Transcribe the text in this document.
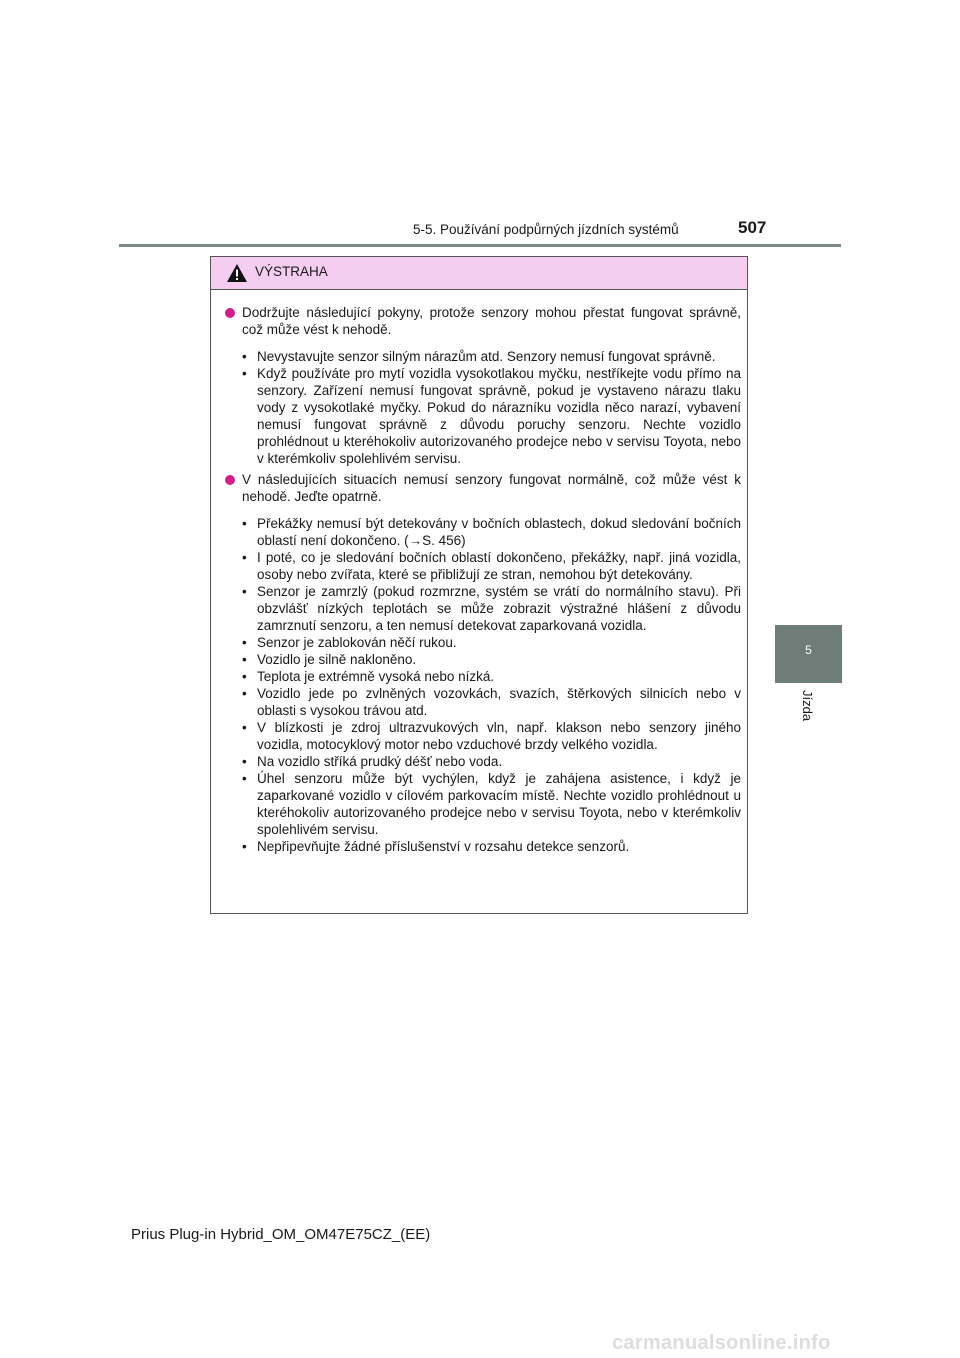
5-5. Používání podpůrných jízdních systémů	507
5
Jízda
VÝSTRAHA
Dodržujte následující pokyny, protože senzory mohou přestat fungovat správně, což může vést k nehodě.
• Nevystavujte senzor silným nárazům atd. Senzory nemusí fungovat správně.
• Když používáte pro mytí vozidla vysokotlakou myčku, nestříkejte vodu přímo na senzory. Zařízení nemusí fungovat správně, pokud je vystaveno nárazu tlaku vody z vysokotlaké myčky. Pokud do nárazníku vozidla něco narazí, vybavení nemusí fungovat správně z důvodu poruchy senzoru. Nechte vozidlo prohlédnout u kteréhokoliv autorizovaného prodejce nebo v servisu Toyota, nebo v kterémkoliv spolehlivém servisu.
V následujících situacích nemusí senzory fungovat normálně, což může vést k nehodě. Jeďte opatrně.
• Překážky nemusí být detekovány v bočních oblastech, dokud sledování bočních oblastí není dokončeno. (→S. 456)
• I poté, co je sledování bočních oblastí dokončeno, překážky, např. jiná vozidla, osoby nebo zvířata, které se přibližují ze stran, nemohou být detekovány.
• Senzor je zamrzlý (pokud rozmrzne, systém se vrátí do normálního stavu). Při obzvlášť nízkých teplotách se může zobrazit výstražné hlášení z důvodu zamrznutí senzoru, a ten nemusí detekovat zaparkovaná vozidla.
• Senzor je zablokován něčí rukou.
• Vozidlo je silně nakloněno.
• Teplota je extrémně vysoká nebo nízká.
• Vozidlo jede po zvlněných vozovkách, svazích, štěrkových silnicích nebo v oblasti s vysokou trávou atd.
• V blízkosti je zdroj ultrazvukových vln, např. klakson nebo senzory jiného vozidla, motocyklový motor nebo vzduchové brzdy velkého vozidla.
• Na vozidlo stříká prudký déšť nebo voda.
• Úhel senzoru může být vychýlen, když je zahájena asistence, i když je zaparkované vozidlo v cílovém parkovacím místě. Nechte vozidlo prohlédnout u kteréhokoliv autorizovaného prodejce nebo v servisu Toyota, nebo v kterémkoliv spolehlivém servisu.
• Nepřipevňujte žádné příslušenství v rozsahu detekce senzorů.
Prius Plug-in Hybrid_OM_OM47E75CZ_(EE)
carmanualsonline.info
